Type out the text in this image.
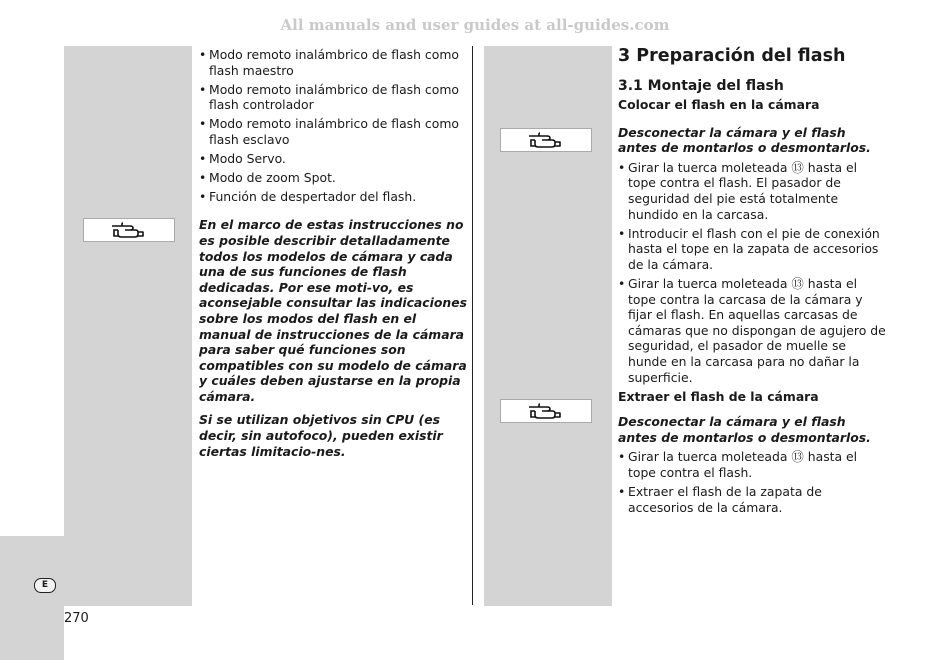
All manuals and user guides at all-guides.com
E
270
• Modo remoto inalámbrico de flash como flash maestro
• Modo remoto inalámbrico de flash como flash controlador
• Modo remoto inalámbrico de flash como flash esclavo
• Modo Servo.
• Modo de zoom Spot.
• Función de despertador del flash.

En el marco de estas instrucciones no es posible describir detalladamente todos los modelos de cámara y cada una de sus funciones de flash dedicadas. Por ese moti-vo, es aconsejable consultar las indicaciones sobre los modos del flash en el manual de instrucciones de la cámara para saber qué funciones son compatibles con su modelo de cámara y cuáles deben ajustarse en la propia cámara.

Si se utilizan objetivos sin CPU (es decir, sin autofoco), pueden existir ciertas limitacio-nes.

3 Preparación del flash
3.1 Montaje del flash
Colocar el flash en la cámara

Desconectar la cámara y el flash antes de montarlos o desmontarlos.

• Girar la tuerca moleteada ⑬ hasta el tope contra el flash. El pasador de seguridad del pie está totalmente hundido en la carcasa.
• Introducir el flash con el pie de conexión hasta el tope en la zapata de accesorios de la cámara.
• Girar la tuerca moleteada ⑬ hasta el tope contra la carcasa de la cámara y fijar el flash. En aquellas carcasas de cámaras que no dispongan de agujero de seguridad, el pasador de muelle se hunde en la carcasa para no dañar la superficie.
Extraer el flash de la cámara

Desconectar la cámara y el flash antes de montarlos o desmontarlos.

• Girar la tuerca moleteada ⑬ hasta el tope contra el flash.
• Extraer el flash de la zapata de accesorios de la cámara.
